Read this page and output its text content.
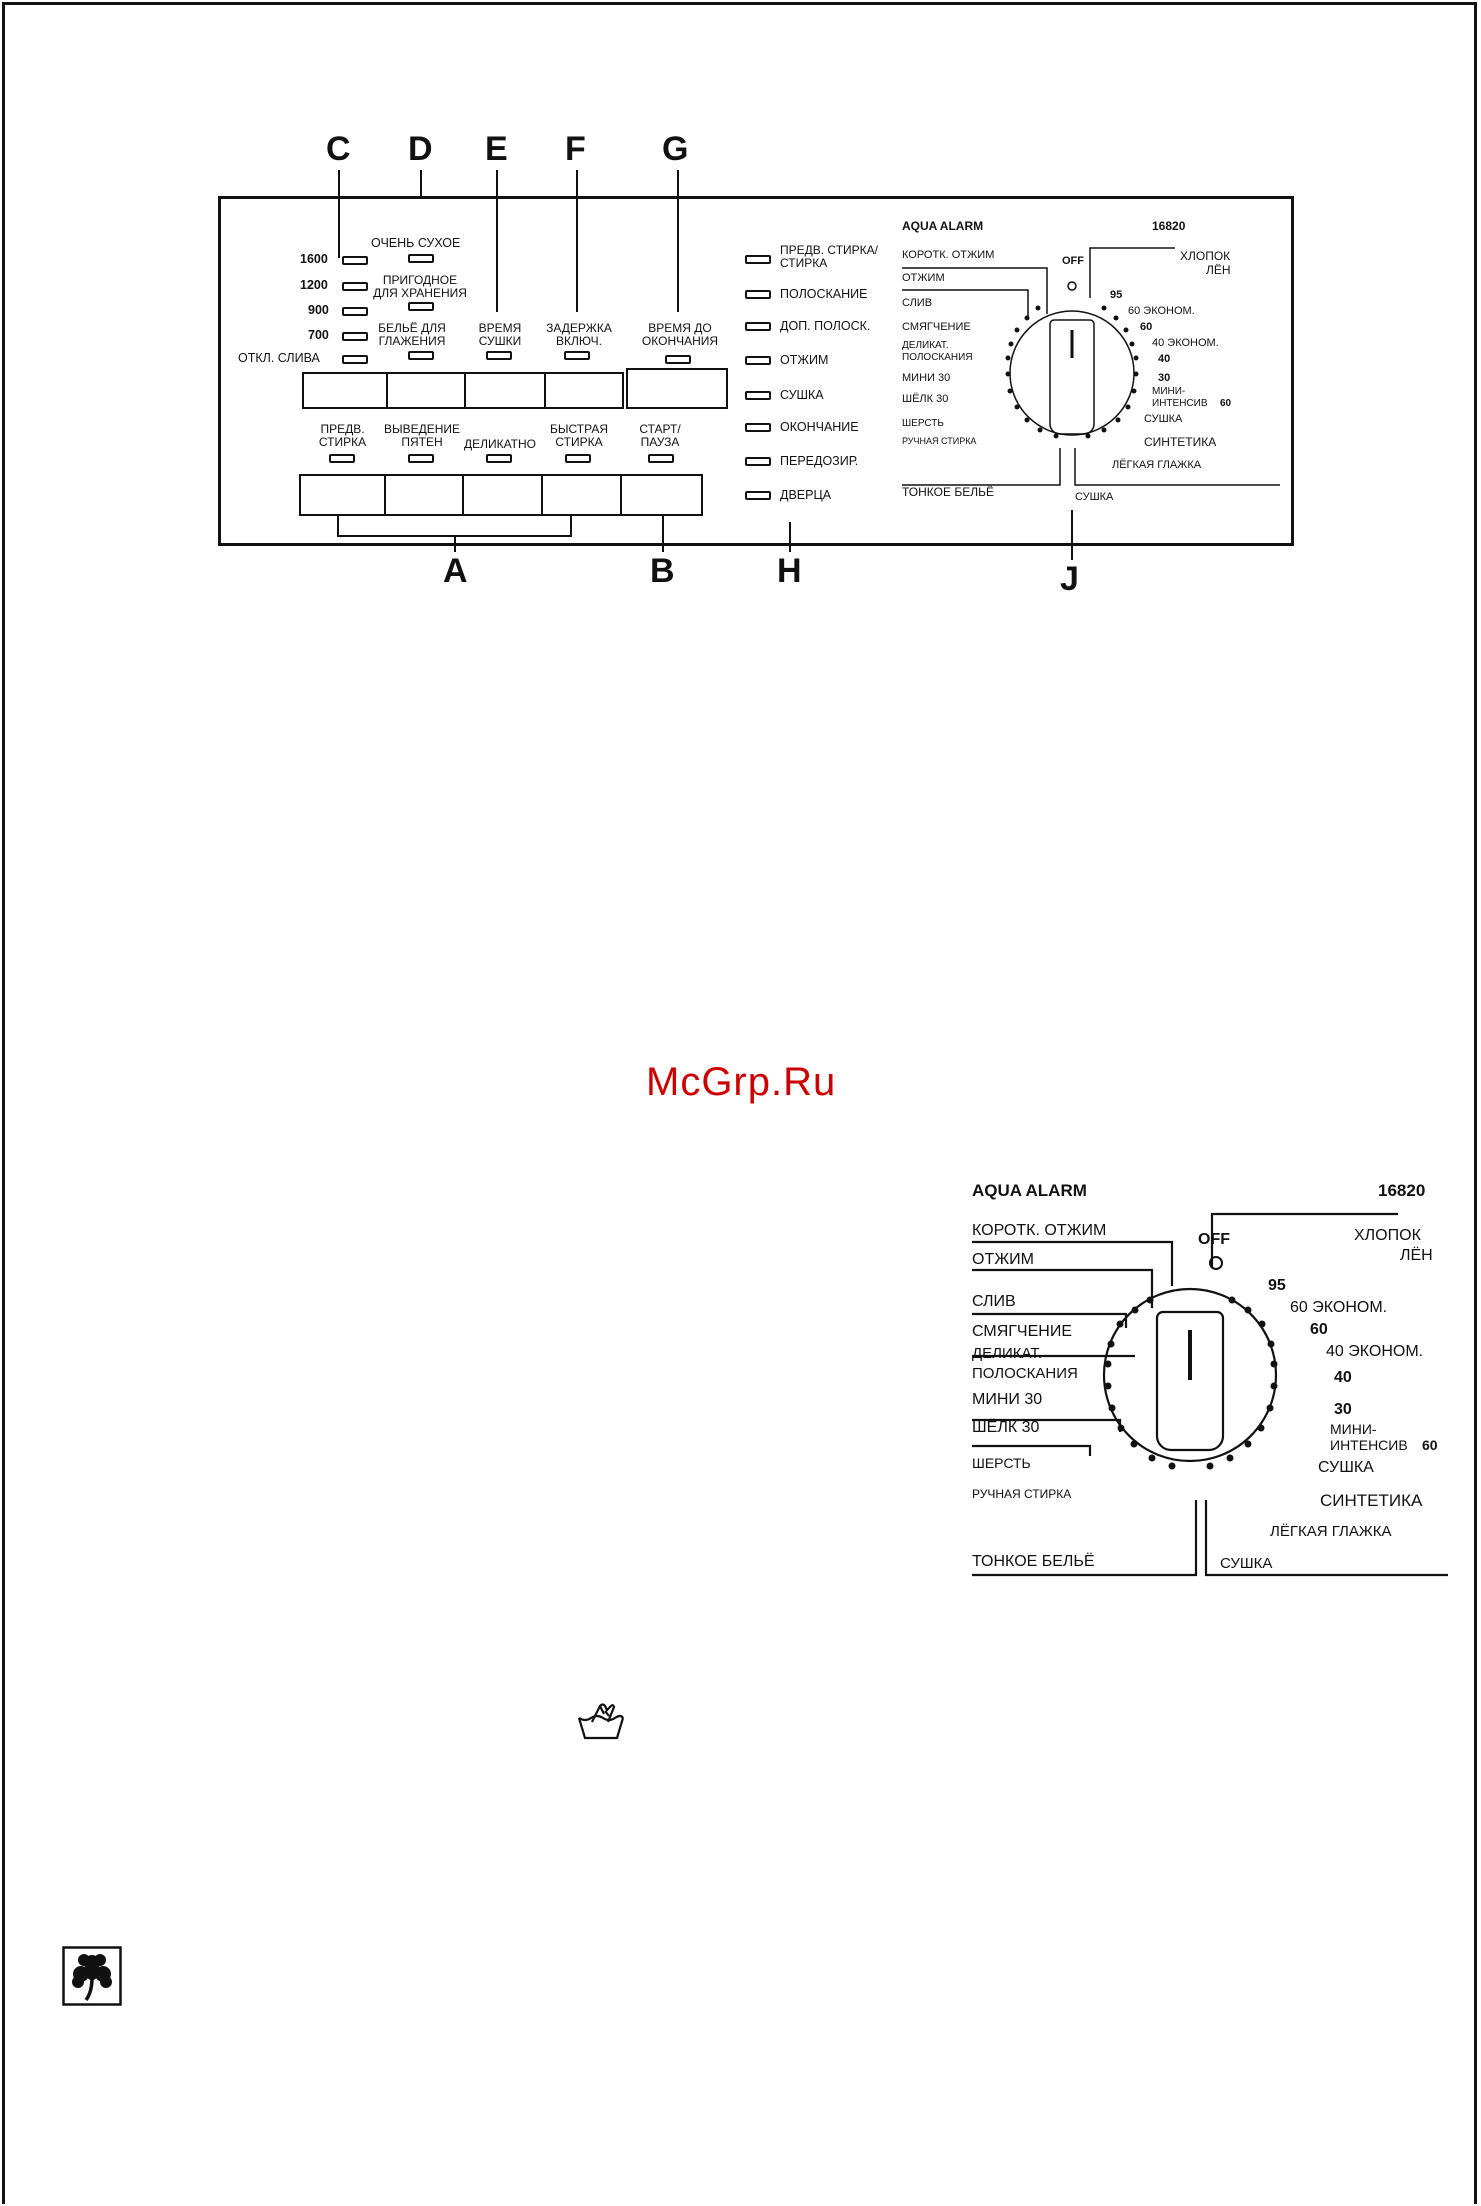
C D E F G
A	B	H	J
1600
1200
900
700
ОТКЛ. СЛИВА
ОЧЕНЬ СУХОЕ
ПРИГОДНОЕ
ДЛЯ ХРАНЕНИЯ
БЕЛЬЁ ДЛЯ
ГЛАЖЕНИЯ
ВРЕМЯ
СУШКИ
ЗАДЕРЖКА
ВКЛЮЧ.
ВРЕМЯ ДО
ОКОНЧАНИЯ
ПРЕДВ.
СТИРКА
ВЫВЕДЕНИЕ
ПЯТЕН	ДЕЛИКАТНО
БЫСТРАЯ
СТИРКА
СТАРТ/
ПАУЗА
ПРЕДВ. СТИРКА/
СТИРКА
ПОЛОСКАНИЕ
ДОП. ПОЛОСК.
ОТЖИМ
СУШКА
ОКОНЧАНИЕ
ПЕРЕДОЗИР.
ДВЕРЦА
AQUA ALARM	16820
OFF
КОРОТК. ОТЖИМ
ОТЖИМ
СЛИВ
СМЯГЧЕНИЕ
ДЕЛИКАТ.
ПОЛОСКАНИЯ
МИНИ 30
ШЁЛК 30
ШЕРСТЬ
РУЧНАЯ СТИРКА
ТОНКОЕ БЕЛЬЁ
ХЛОПОК
ЛЁН
95
60 ЭКОНОМ.
60
40 ЭКОНОМ.
40
30
МИНИ-
ИНТЕНСИВ 60
СУШКА
СИНТЕТИКА
ЛЁГКАЯ ГЛАЖКА
СУШКА
McGrp.Ru
AQUA ALARM	16820
OFF
КОРОТК. ОТЖИМ
ОТЖИМ
СЛИВ
СМЯГЧЕНИЕ
ДЕЛИКАТ.
ПОЛОСКАНИЯ
МИНИ 30
ШЁЛК 30
ШЕРСТЬ
РУЧНАЯ СТИРКА
ТОНКОЕ БЕЛЬЁ
ХЛОПОК
ЛЁН
95
60 ЭКОНОМ.
60
40 ЭКОНОМ.
40
30
МИНИ-
ИНТЕНСИВ 60
СУШКА
СИНТЕТИКА
ЛЁГКАЯ ГЛАЖКА
СУШКА
